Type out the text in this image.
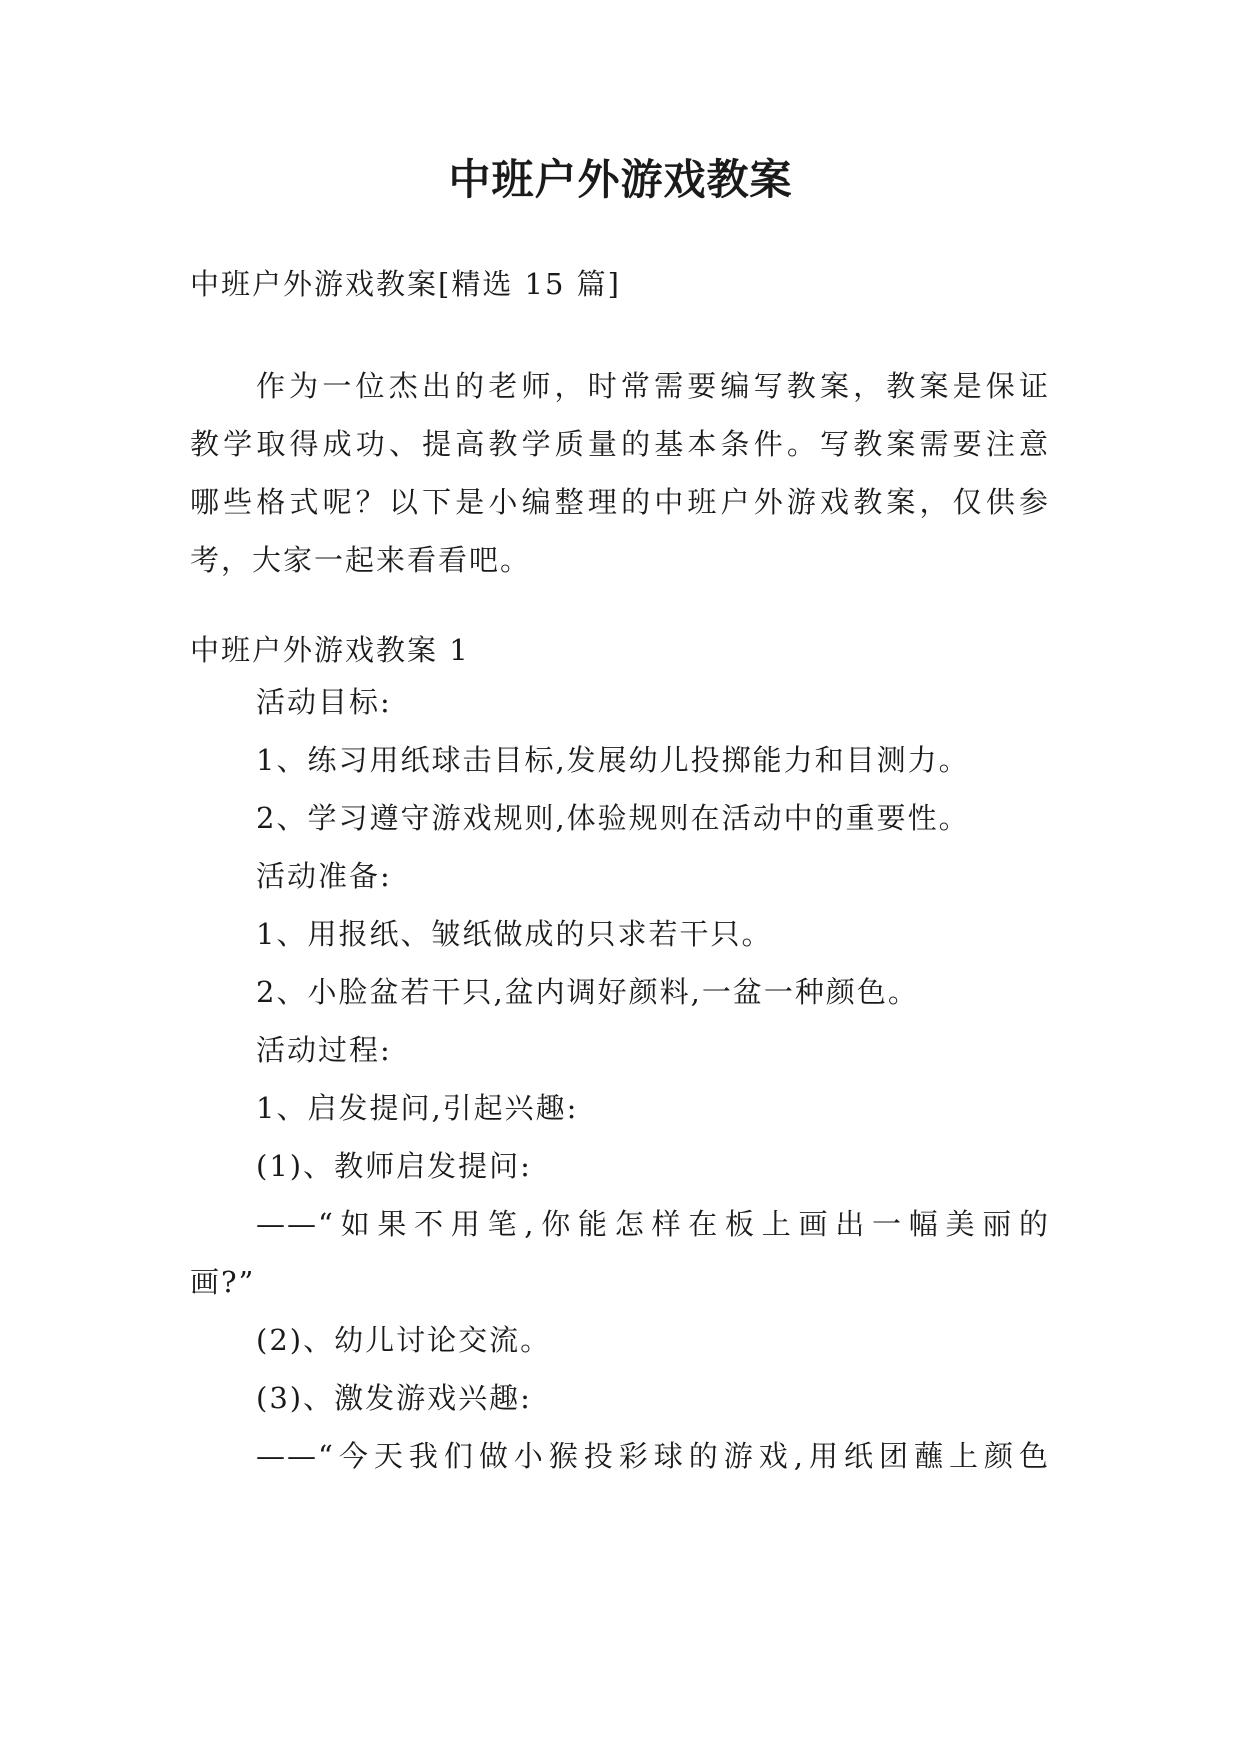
中班户外游戏教案
中班户外游戏教案[精选 15 篇]
作为一位杰出的老师，时常需要编写教案，教案是保证
教学取得成功、提高教学质量的基本条件。写教案需要注意
哪些格式呢？以下是小编整理的中班户外游戏教案，仅供参
考，大家一起来看看吧。
中班户外游戏教案 1
活动目标:
1、练习用纸球击目标,发展幼儿投掷能力和目测力。
2、学习遵守游戏规则,体验规则在活动中的重要性。
活动准备:
1、用报纸、皱纸做成的只求若干只。
2、小脸盆若干只,盆内调好颜料,一盆一种颜色。
活动过程:
1、启发提问,引起兴趣:
(1)、教师启发提问:
——“如果不用笔,你能怎样在板上画出一幅美丽的
画?”
(2)、幼儿讨论交流。
(3)、激发游戏兴趣:
——“今天我们做小猴投彩球的游戏,用纸团蘸上颜色
